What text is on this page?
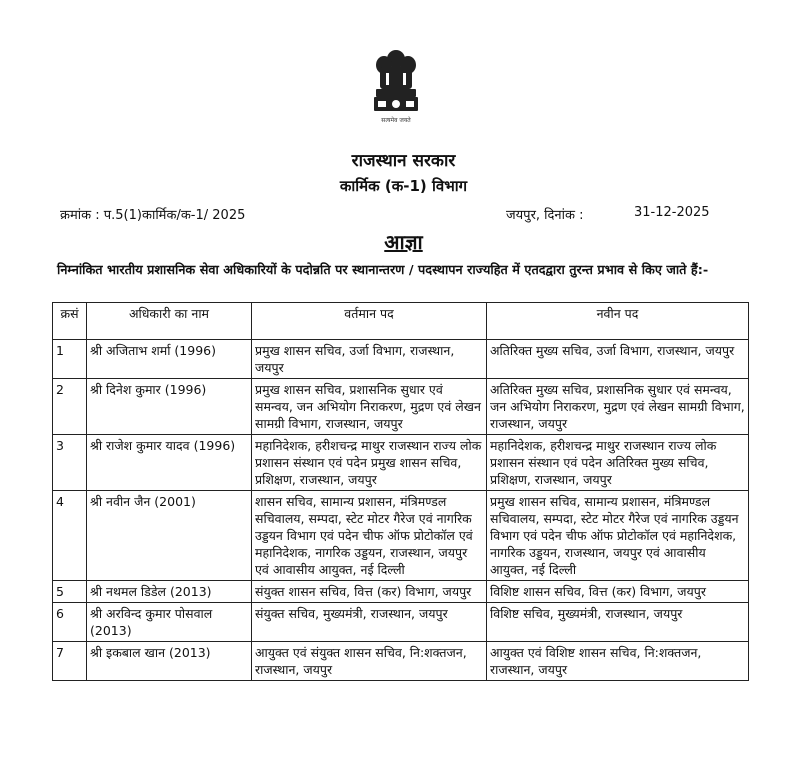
सत्यमेव जयते
राजस्थान सरकार
कार्मिक (क-1) विभाग
क्रमांक : प.5(1)कार्मिक/क-1/ 2025	जयपुर, दिनांक :	31-12-2025
आज्ञा
निम्नांकित भारतीय प्रशासनिक सेवा अधिकारियों के पदोन्नति पर स्थानान्तरण / पदस्थापन राज्यहित में एतदद्वारा तुरन्त प्रभाव से किए जाते हैं:-
क्रसं	अधिकारी का नाम	वर्तमान पद	नवीन पद
1	श्री अजिताभ शर्मा (1996)	प्रमुख शासन सचिव, उर्जा विभाग, राजस्थान, जयपुर	अतिरिक्त मुख्य सचिव, उर्जा विभाग, राजस्थान, जयपुर
2	श्री दिनेश कुमार (1996)	प्रमुख शासन सचिव, प्रशासनिक सुधार एवं समन्वय, जन अभियोग निराकरण, मुद्रण एवं लेखन सामग्री विभाग, राजस्थान, जयपुर	अतिरिक्त मुख्य सचिव, प्रशासनिक सुधार एवं समन्वय, जन अभियोग निराकरण, मुद्रण एवं लेखन सामग्री विभाग, राजस्थान, जयपुर
3	श्री राजेश कुमार यादव (1996)	महानिदेशक, हरीशचन्द्र माथुर राजस्थान राज्य लोक प्रशासन संस्थान एवं पदेन प्रमुख शासन सचिव, प्रशिक्षण, राजस्थान, जयपुर	महानिदेशक, हरीशचन्द्र माथुर राजस्थान राज्य लोक प्रशासन संस्थान एवं पदेन अतिरिक्त मुख्य सचिव, प्रशिक्षण, राजस्थान, जयपुर
4	श्री नवीन जैन (2001)	शासन सचिव, सामान्य प्रशासन, मंत्रिमण्डल सचिवालय, सम्पदा, स्टेट मोटर गैरेज एवं नागरिक उड्डयन विभाग एवं पदेन चीफ ऑफ प्रोटोकॉल एवं महानिदेशक, नागरिक उड्डयन, राजस्थान, जयपुर एवं आवासीय आयुक्त, नई दिल्ली	प्रमुख शासन सचिव, सामान्य प्रशासन, मंत्रिमण्डल सचिवालय, सम्पदा, स्टेट मोटर गैरेज एवं नागरिक उड्डयन विभाग एवं पदेन चीफ ऑफ प्रोटोकॉल एवं महानिदेशक, नागरिक उड्डयन, राजस्थान, जयपुर एवं आवासीय आयुक्त, नई दिल्ली
5	श्री नथमल डिडेल (2013)	संयुक्त शासन सचिव, वित्त (कर) विभाग, जयपुर	विशिष्ट शासन सचिव, वित्त (कर) विभाग, जयपुर
6	श्री अरविन्द कुमार पोसवाल (2013)	संयुक्त सचिव, मुख्यमंत्री, राजस्थान, जयपुर	विशिष्ट सचिव, मुख्यमंत्री, राजस्थान, जयपुर
7	श्री इकबाल खान (2013)	आयुक्त एवं संयुक्त शासन सचिव, नि:शक्तजन, राजस्थान, जयपुर	आयुक्त एवं विशिष्ट शासन सचिव, नि:शक्तजन, राजस्थान, जयपुर
